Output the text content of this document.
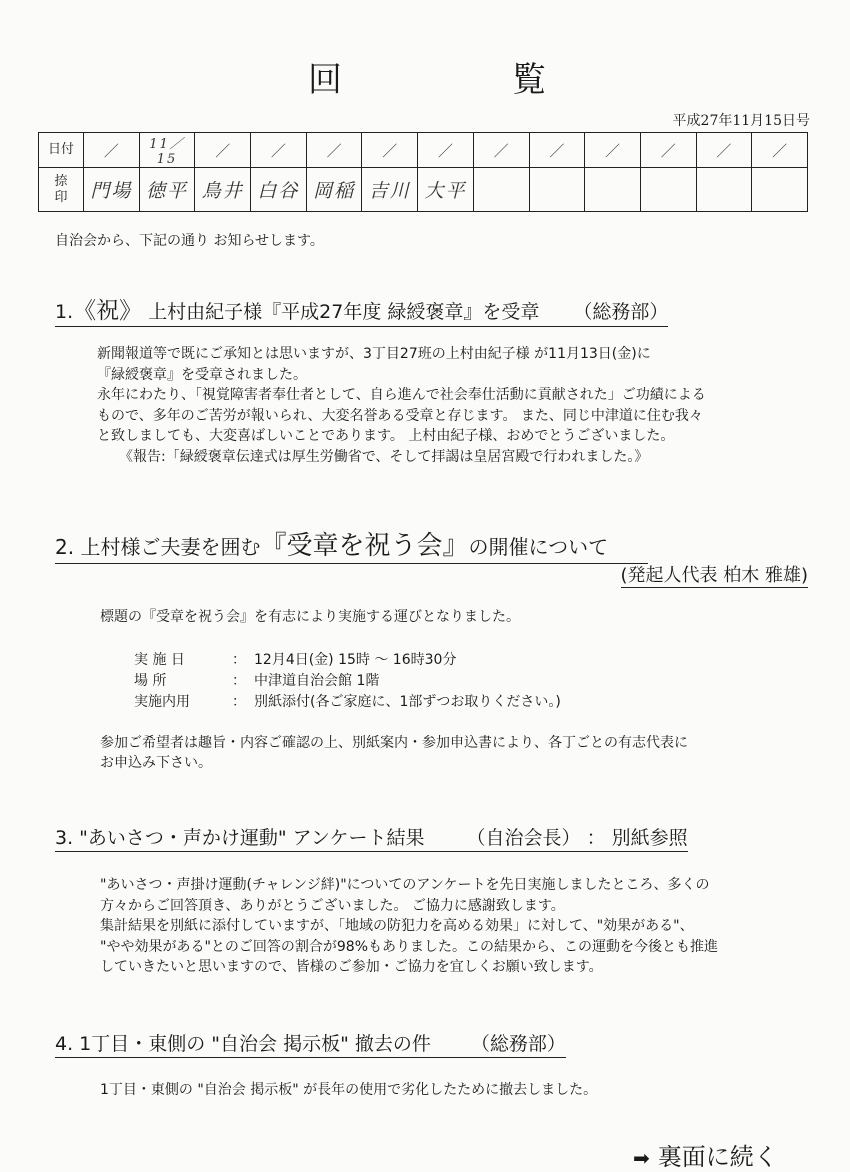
回	覧
平成27年11月15日号
日付	／	11／15	／	／	／	／	／	／	／	／	／	／	／

捺
印	門場	徳平	鳥井	白谷	岡稲	吉川	大平						
自治会から、下記の通り お知らせします。
1.《祝》 上村由紀子様『平成27年度 緑綬褒章』を受章 （総務部）

新聞報道等で既にご承知とは思いますが、3丁目27班の上村由紀子様 が11月13日(金)に

『緑綬褒章』を受章されました。

永年にわたり、「視覚障害者奉仕者として、自ら進んで社会奉仕活動に貢献された」ご功績による

もので、多年のご苦労が報いられ、大変名誉ある受章と存じます。 また、同じ中津道に住む我々

と致しましても、大変喜ばしいことであります。 上村由紀子様、おめでとうございました。

《報告:「緑綬褒章伝達式は厚生労働省で、そして拝謁は皇居宮殿で行われました。》

2. 上村様ご夫妻を囲む『受章を祝う会』の開催について
(発起人代表 柏木 雅雄)

標題の『受章を祝う会』を有志により実施する運びとなりました。

実 施 日	： 12月4日(金) 15時 ～ 16時30分
場 所	： 中津道自治会館 1階
実施内用	： 別紙添付(各ご家庭に、1部ずつお取りください。)

参加ご希望者は趣旨・内容ご確認の上、別紙案内・参加申込書により、各丁ごとの有志代表に

お申込み下さい。

3. "あいさつ・声かけ運動" アンケート結果 （自治会長） ： 別紙参照

"あいさつ・声掛け運動(チャレンジ絆)"についてのアンケートを先日実施しましたところ、多くの

方々からご回答頂き、ありがとうございました。 ご協力に感謝致します。

集計結果を別紙に添付していますが、「地域の防犯力を高める効果」に対して、"効果がある"、

"やや効果がある"とのご回答の割合が98%もありました。この結果から、この運動を今後とも推進

していきたいと思いますので、皆様のご参加・ご協力を宜しくお願い致します。

4. 1丁目・東側の "自治会 掲示板" 撤去の件 （総務部）

1丁目・東側の "自治会 掲示板" が長年の使用で劣化したために撤去しました。

➡ 裏面に続く
